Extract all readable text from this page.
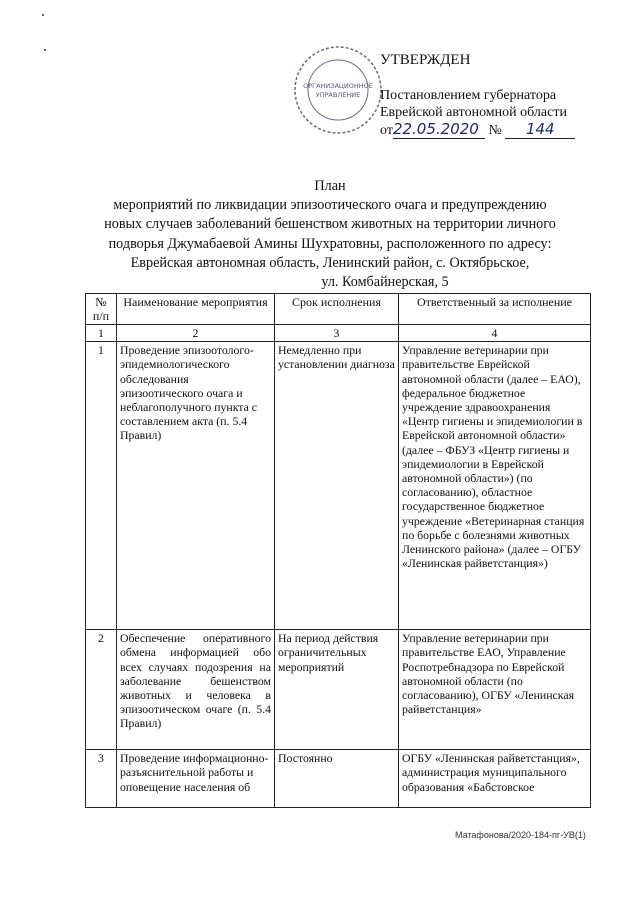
ОРГАНИЗАЦИОННОЕ
УПРАВЛЕНИЕ
УТВЕРЖДЕН
Постановлением губернатора
Еврейской автономной области
от22.05.2020 № 144
План
мероприятий по ликвидации эпизоотического очага и предупреждению
новых случаев заболеваний бешенством животных на территории личного
подворья Джумабаевой Амины Шухратовны, расположенного по адресу:
Еврейская автономная область, Ленинский район, с. Октябрьское,
ул. Комбайнерская, 5
№ п/п	Наименование мероприятия	Срок исполнения	Ответственный за исполнение
1	2	3	4
1	Проведение эпизоотолого-эпидемиологического обследования эпизоотического очага и неблагополучного пункта с составлением акта (п. 5.4 Правил)	Немедленно при установлении диагноза	Управление ветеринарии при правительстве Еврейской автономной области (далее – ЕАО), федеральное бюджетное учреждение здравоохранения «Центр гигиены и эпидемиологии в Еврейской автономной области» (далее – ФБУЗ «Центр гигиены и эпидемиологии в Еврейской автономной области») (по согласованию), областное государственное бюджетное учреждение «Ветеринарная станция по борьбе с болезнями животных Ленинского района» (далее – ОГБУ «Ленинская райветстанция»)
2	Обеспечение оперативного обмена информацией обо всех случаях подозрения на заболевание бешенством животных и человека в эпизоотическом очаге (п. 5.4 Правил)	На период действия ограничительных мероприятий	Управление ветеринарии при правительстве ЕАО, Управление Роспотребнадзора по Еврейской автономной области (по согласованию), ОГБУ «Ленинская райветстанция»
3	Проведение информационно-разъяснительной работы и оповещение населения об	Постоянно	ОГБУ «Ленинская райветстанция», администрация муниципального образования «Бабстовское
Матафонова/2020-184-пг-УВ(1)
